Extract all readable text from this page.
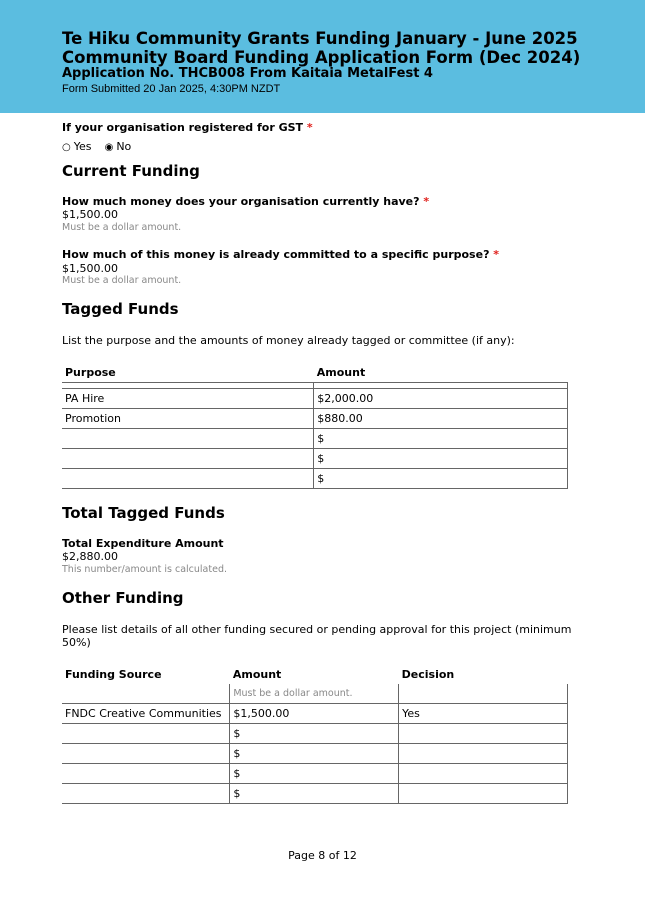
Te Hiku Community Grants Funding January - June 2025
Community Board Funding Application Form (Dec 2024)
Application No. THCB008 From Kaitaia MetalFest 4
Form Submitted 20 Jan 2025, 4:30PM NZDT
If your organisation registered for GST *
○ Yes ◉ No
Current Funding
How much money does your organisation currently have? *
$1,500.00
Must be a dollar amount.
How much of this money is already committed to a specific purpose? *
$1,500.00
Must be a dollar amount.
Tagged Funds
List the purpose and the amounts of money already tagged or committee (if any):
Purpose	Amount

PA Hire	$2,000.00
Promotion	$880.00
	$
	$
	$
Total Tagged Funds
Total Expenditure Amount
$2,880.00
This number/amount is calculated.
Other Funding
Please list details of all other funding secured or pending approval for this project (minimum
50%)
Funding Source	Amount	Decision
	Must be a dollar amount.	
FNDC Creative Communities	$1,500.00	Yes
	$	
	$	
	$	
	$	
Page 8 of 12
